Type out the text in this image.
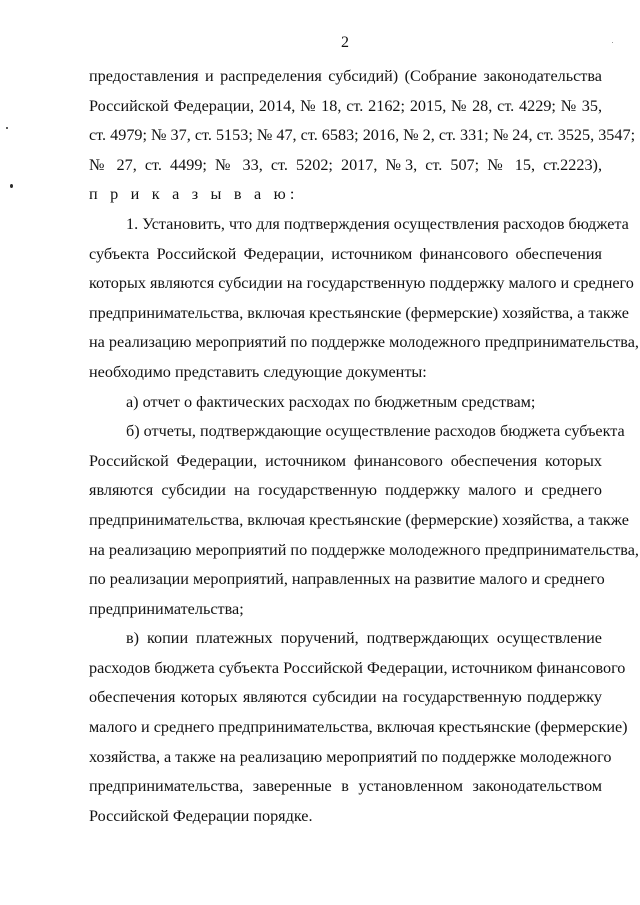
2
предоставления и распределения субсидий) (Собрание законодательства
Российской Федерации, 2014, № 18, ст. 2162; 2015, № 28, ст. 4229; № 35,
ст. 4979; № 37, ст. 5153; № 47, ст. 6583; 2016, № 2, ст. 331; № 24, ст. 3525, 3547;
№ 27, ст. 4499; № 33, ст. 5202; 2017, №3, ст. 507; № 15, ст.2223),
п р и к а з ы в а ю:
1. Установить, что для подтверждения осуществления расходов бюджета
субъекта Российской Федерации, источником финансового обеспечения
которых являются субсидии на государственную поддержку малого и среднего
предпринимательства, включая крестьянские (фермерские) хозяйства, а также
на реализацию мероприятий по поддержке молодежного предпринимательства,
необходимо представить следующие документы:
а) отчет о фактических расходах по бюджетным средствам;
б) отчеты, подтверждающие осуществление расходов бюджета субъекта
Российской Федерации, источником финансового обеспечения которых
являются субсидии на государственную поддержку малого и среднего
предпринимательства, включая крестьянские (фермерские) хозяйства, а также
на реализацию мероприятий по поддержке молодежного предпринимательства,
по реализации мероприятий, направленных на развитие малого и среднего
предпринимательства;
в) копии платежных поручений, подтверждающих осуществление
расходов бюджета субъекта Российской Федерации, источником финансового
обеспечения которых являются субсидии на государственную поддержку
малого и среднего предпринимательства, включая крестьянские (фермерские)
хозяйства, а также на реализацию мероприятий по поддержке молодежного
предпринимательства, заверенные в установленном законодательством
Российской Федерации порядке.
